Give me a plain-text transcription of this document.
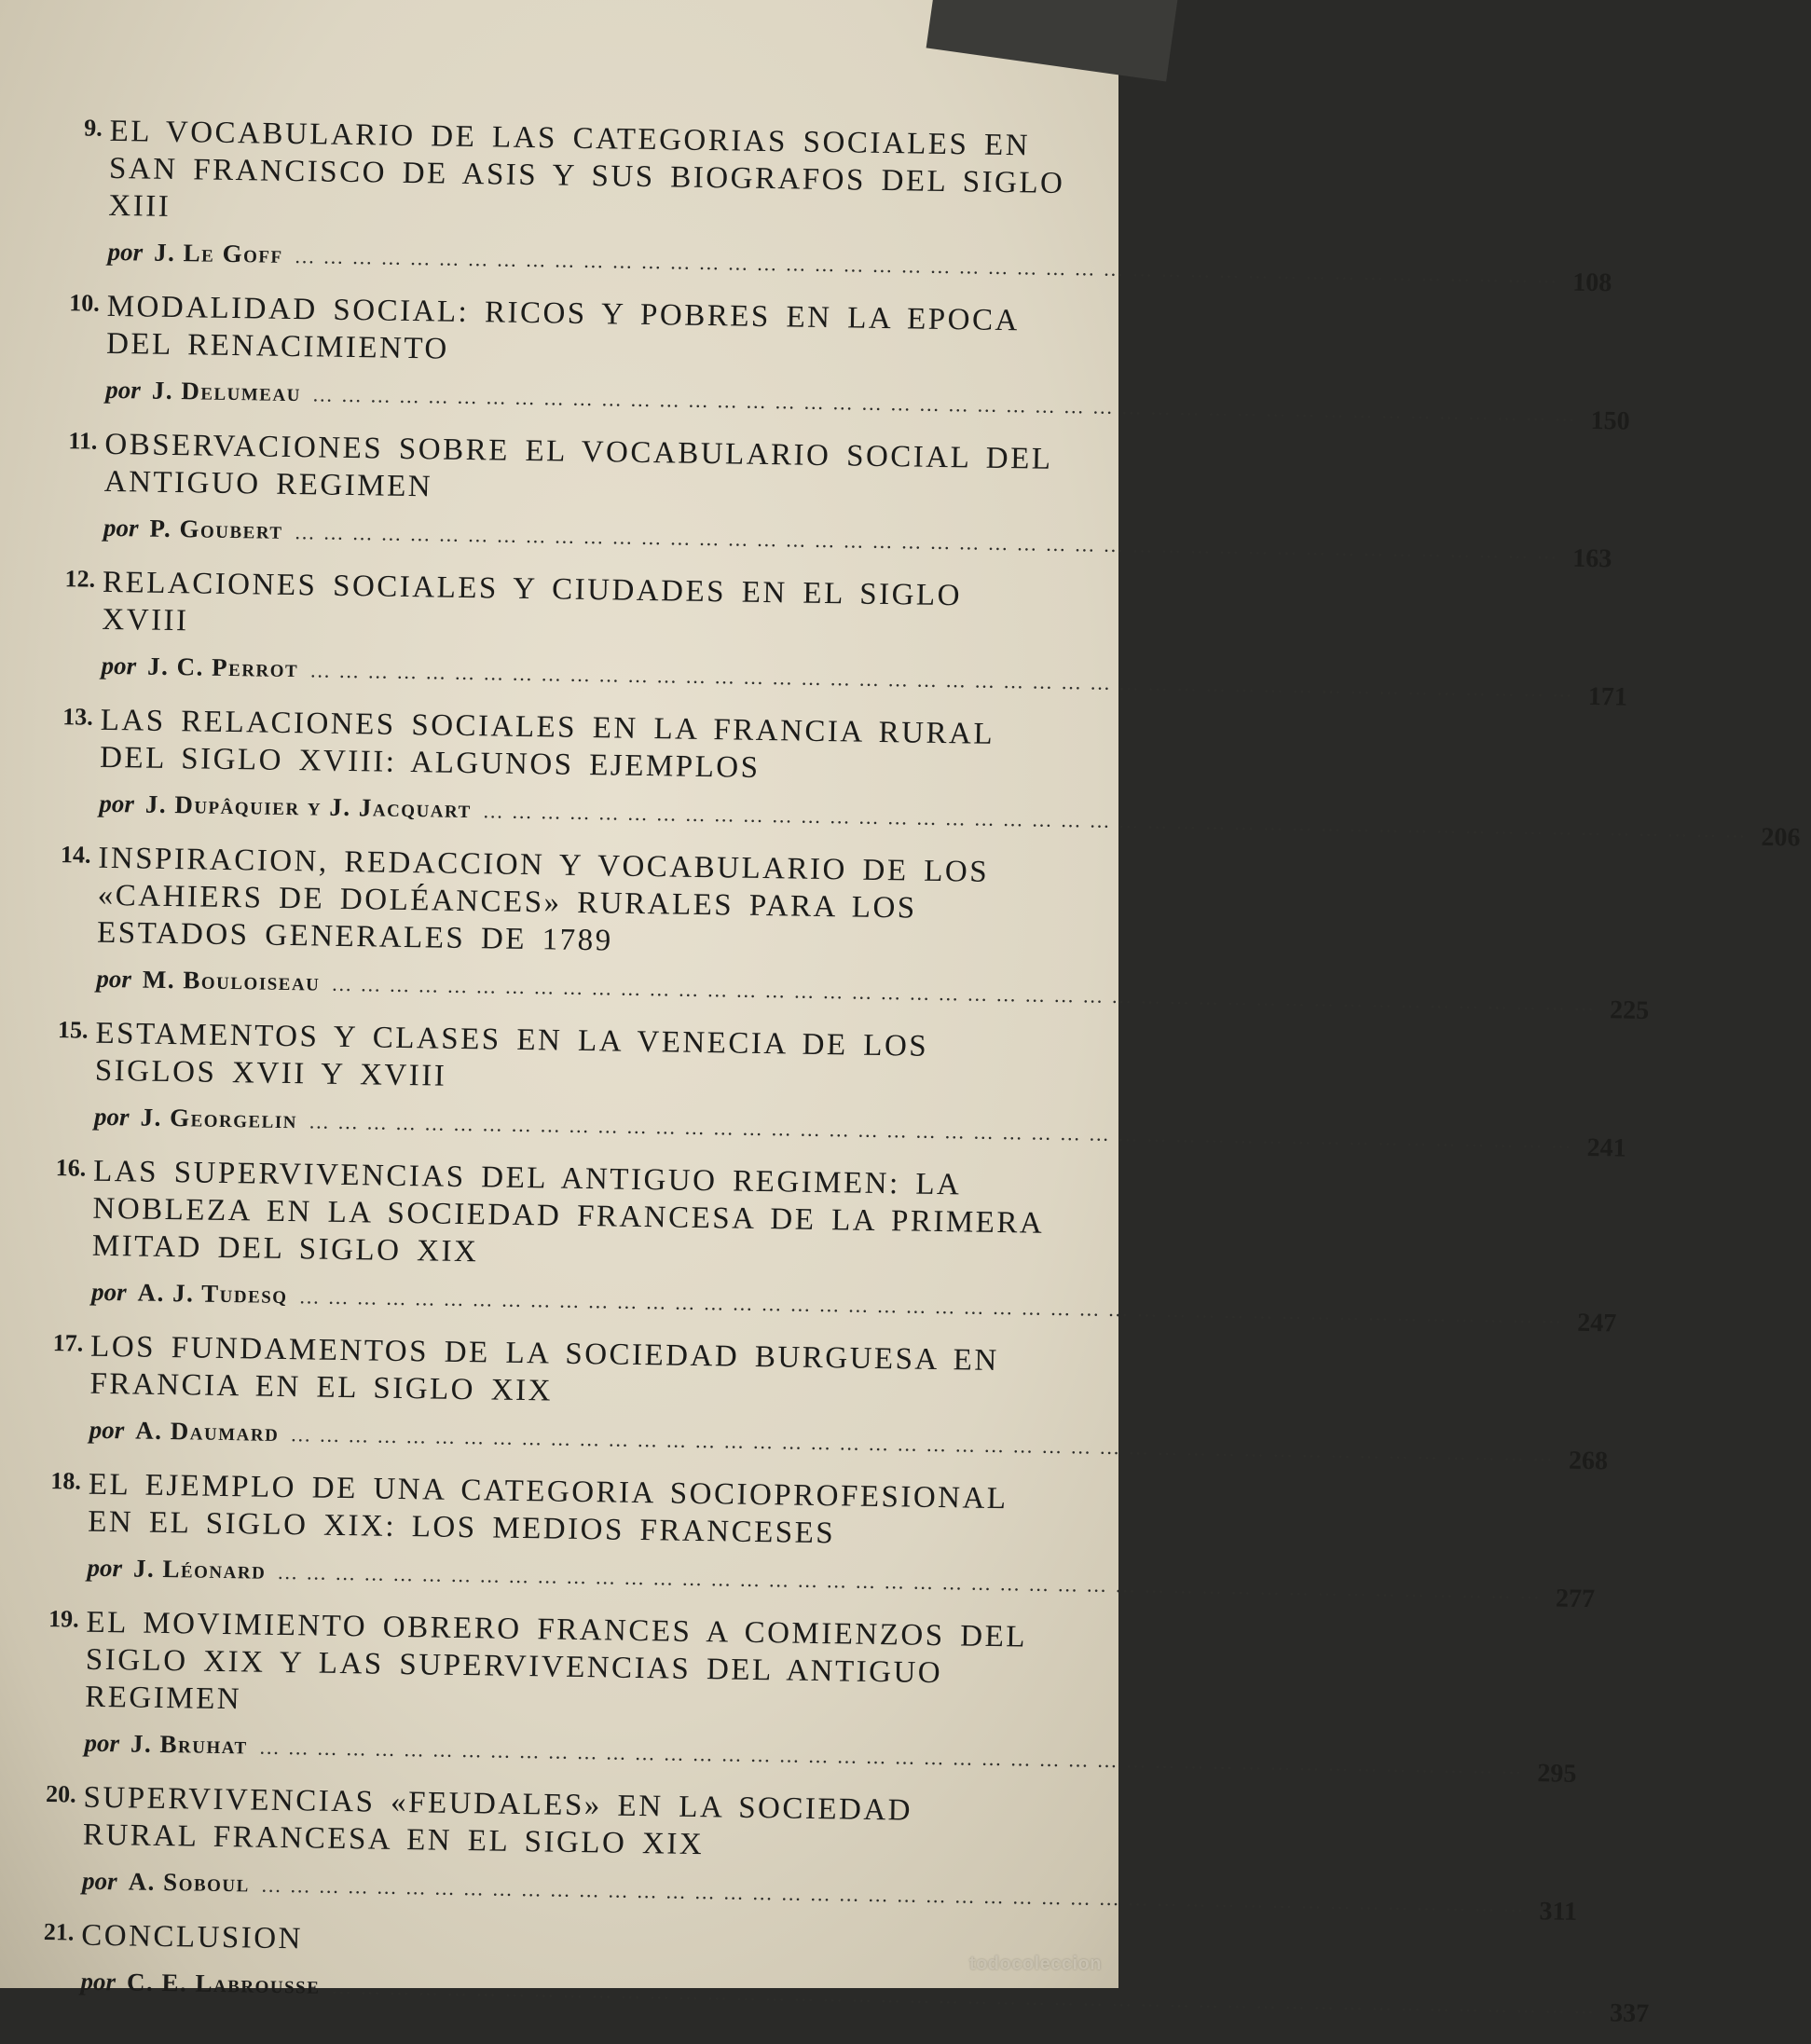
9. EL VOCABULARIO DE LAS CATEGORIAS SOCIALES EN SAN FRANCISCO DE ASIS Y SUS BIOGRAFOS DEL SIGLO XIII
por J. Le Goff
……………………………………………………………………………………………………………………
108
10. MODALIDAD SOCIAL: RICOS Y POBRES EN LA EPOCA DEL RENACIMIENTO
por J. Delumeau
……………………………………………………………………………………………………………………
150
11. OBSERVACIONES SOBRE EL VOCABULARIO SOCIAL DEL ANTIGUO REGIMEN
por P. Goubert
……………………………………………………………………………………………………………………
163
12. RELACIONES SOCIALES Y CIUDADES EN EL SIGLO XVIII
por J. C. Perrot
……………………………………………………………………………………………………………………
171
13. LAS RELACIONES SOCIALES EN LA FRANCIA RURAL DEL SIGLO XVIII: ALGUNOS EJEMPLOS
por J. Dupâquier y J. Jacquart
……………………………………………………………………………………………………………………
206
14. INSPIRACION, REDACCION Y VOCABULARIO DE LOS «CAHIERS DE DOLÉANCES» RURALES PARA LOS ESTADOS GENERALES DE 1789
por M. Bouloiseau
……………………………………………………………………………………………………………………
225
15. ESTAMENTOS Y CLASES EN LA VENECIA DE LOS SIGLOS XVII Y XVIII
por J. Georgelin
……………………………………………………………………………………………………………………
241
16. LAS SUPERVIVENCIAS DEL ANTIGUO REGIMEN: LA NOBLEZA EN LA SOCIEDAD FRANCESA DE LA PRIMERA MITAD DEL SIGLO XIX
por A. J. Tudesq
……………………………………………………………………………………………………………………
247
17. LOS FUNDAMENTOS DE LA SOCIEDAD BURGUESA EN FRANCIA EN EL SIGLO XIX
por A. Daumard
……………………………………………………………………………………………………………………
268
18. EL EJEMPLO DE UNA CATEGORIA SOCIOPROFESIONAL EN EL SIGLO XIX: LOS MEDIOS FRANCESES
por J. Léonard
……………………………………………………………………………………………………………………
277
19. EL MOVIMIENTO OBRERO FRANCES A COMIENZOS DEL SIGLO XIX Y LAS SUPERVIVENCIAS DEL ANTIGUO REGIMEN
por J. Bruhat
……………………………………………………………………………………………………………………
295
20. SUPERVIVENCIAS «FEUDALES» EN LA SOCIEDAD RURAL FRANCESA EN EL SIGLO XIX
por A. Soboul
……………………………………………………………………………………………………………………
311
21. CONCLUSION
por C. E. Labrousse
……………………………………………………………………………………………………………………
337
todocoleccion
